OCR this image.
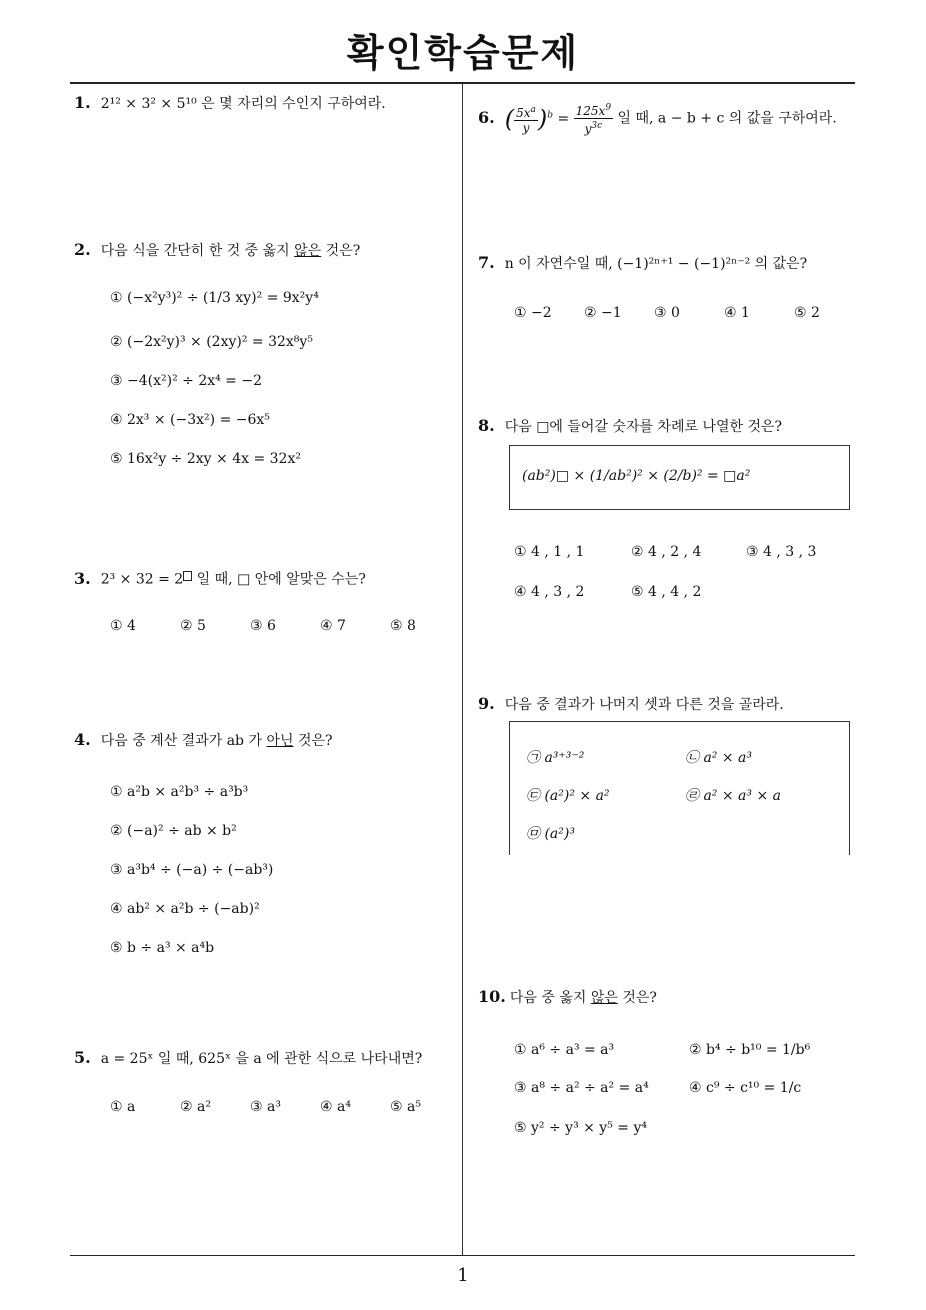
확인학습문제
1
1. 2¹² × 3² × 5¹⁰ 은 몇 자리의 수인지 구하여라.
2. 다음 식을 간단히 한 것 중 옳지 않은 것은?
① (−x²y³)² ÷ (1/3 xy)² = 9x²y⁴
② (−2x²y)³ × (2xy)² = 32x⁸y⁵
③ −4(x²)² ÷ 2x⁴ = −2
④ 2x³ × (−3x²) = −6x⁵
⑤ 16x²y ÷ 2xy × 4x = 32x²
3. 2³ × 32 = 2 일 때, □ 안에 알맞은 수는?
① 4	② 5	③ 6	④ 7	⑤ 8
4. 다음 중 계산 결과가 ab 가 아닌 것은?
① a²b × a²b³ ÷ a³b³
② (−a)² ÷ ab × b²
③ a³b⁴ ÷ (−a) ÷ (−ab³)
④ ab² × a²b ÷ (−ab)²
⑤ b ÷ a³ × a⁴b
5. a = 25ˣ 일 때, 625ˣ 을 a 에 관한 식으로 나타내면?
① a	② a²	③ a³	④ a⁴	⑤ a⁵
6. ( $\frac{5x^a}{y} )^b = \frac{125x^9}{y^{3c}}$ 일 때, a − b + c 의 값을 구하여라.
7. n 이 자연수일 때, (−1)²ⁿ⁺¹ − (−1)²ⁿ⁻² 의 값은?
① −2 ② −1 ③ 0	④ 1	⑤ 2
8. 다음 □에 들어갈 숫자를 차례로 나열한 것은?
(ab²)□ × (1/ab²)² × (2/b)² = □a²
① 4 , 1 , 1	② 4 , 2 , 4	③ 4 , 3 , 3
④ 4 , 3 , 2	⑤ 4 , 4 , 2
9. 다음 중 결과가 나머지 셋과 다른 것을 골라라.
㉠ a³⁺³⁻²	㉡ a² × a³
㉢ (a²)² × a²	㉣ a² × a³ × a
㉤ (a²)³
10. 다음 중 옳지 않은 것은?
① a⁶ ÷ a³ = a³	② b⁴ ÷ b¹⁰ = 1/b⁶
③ a⁸ ÷ a² ÷ a² = a⁴	④ c⁹ ÷ c¹⁰ = 1/c
⑤ y² ÷ y³ × y⁵ = y⁴
